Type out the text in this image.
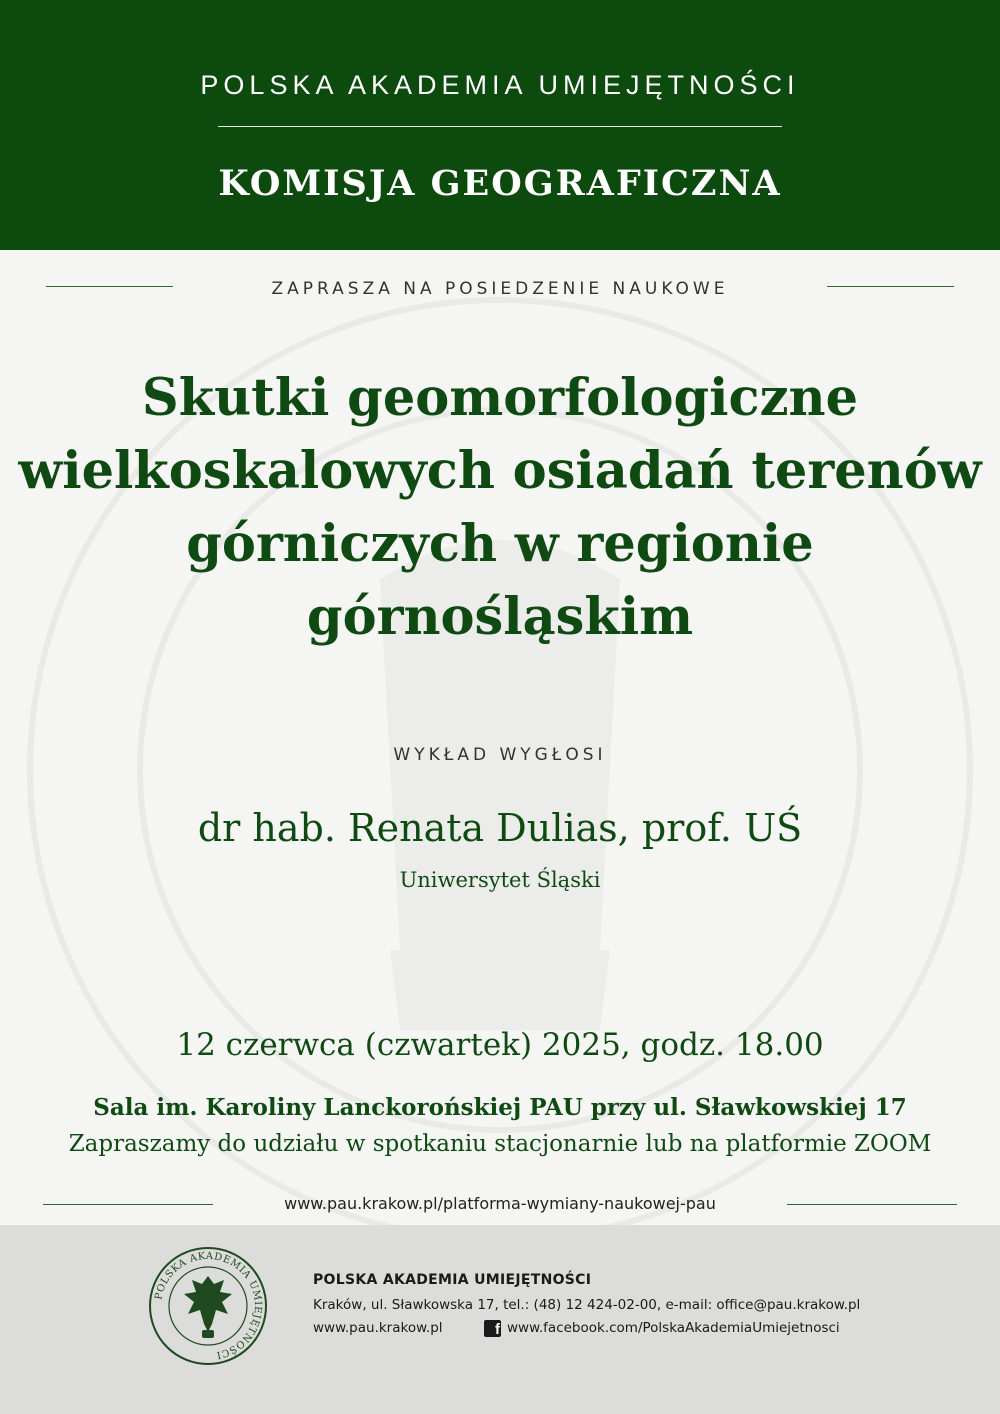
POLSKA AKADEMIA UMIEJĘTNOŚCI
KOMISJA GEOGRAFICZNA
ZAPRASZA NA POSIEDZENIE NAUKOWE
Skutki geomorfologiczne
wielkoskalowych osiadań terenów
górniczych w regionie
górnośląskim
WYKŁAD WYGŁOSI
dr hab. Renata Dulias, prof. UŚ
Uniwersytet Śląski
12 czerwca (czwartek) 2025, godz. 18.00
Sala im. Karoliny Lanckorońskiej PAU przy ul. Sławkowskiej 17
Zapraszamy do udziału w spotkaniu stacjonarnie lub na platformie ZOOM
www.pau.krakow.pl/platforma-wymiany-naukowej-pau
POLSKA AKADEMIA UMIEJĘTNOŚCI
POLSKA AKADEMIA UMIEJĘTNOŚCI
Kraków, ul. Sławkowska 17, tel.: (48) 12 424-02-00, e-mail: office@pau.krakow.pl
www.pau.krakow.pl	f www.facebook.com/PolskaAkademiaUmiejetnosci
